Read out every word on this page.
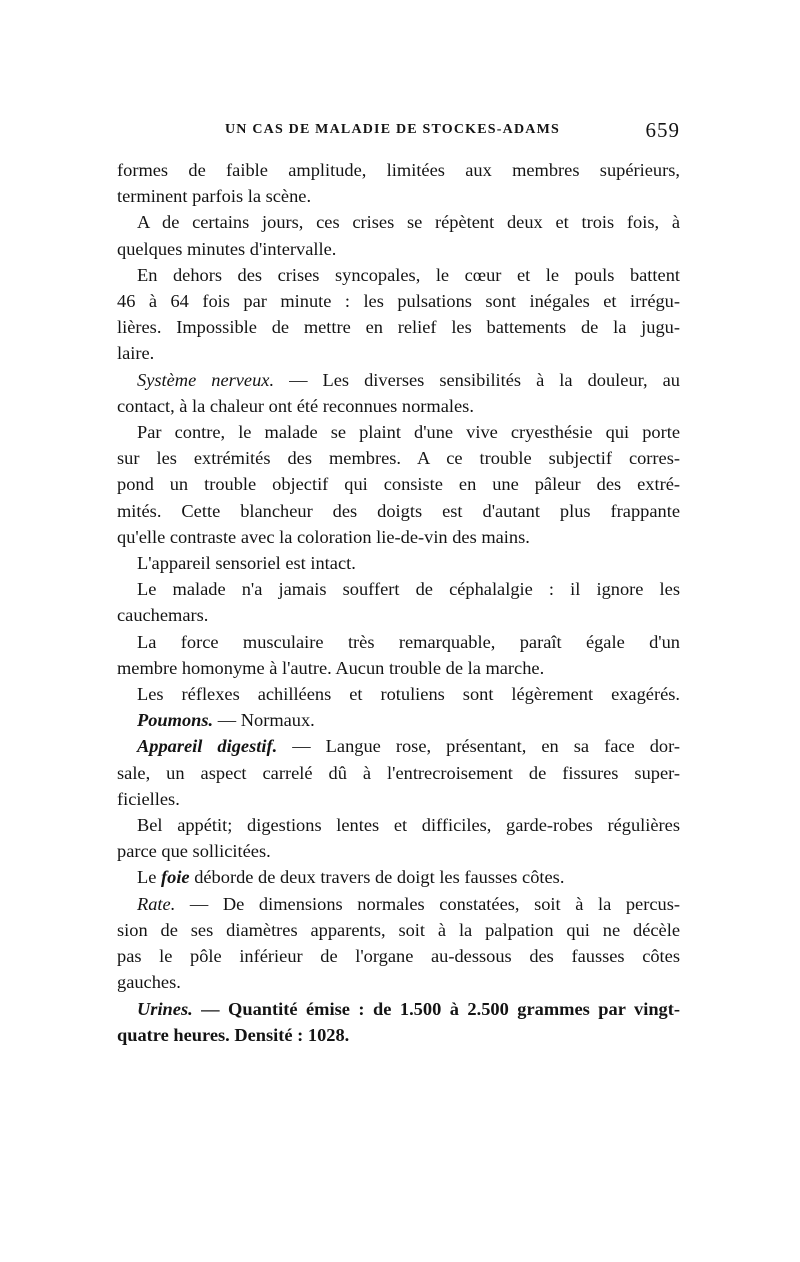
UN CAS DE MALADIE DE STOCKES-ADAMS	659
formes de faible amplitude, limitées aux membres supérieurs,
terminent parfois la scène.
A de certains jours, ces crises se répètent deux et trois fois, à
quelques minutes d'intervalle.
En dehors des crises syncopales, le cœur et le pouls battent
46 à 64 fois par minute : les pulsations sont inégales et irrégu-
lières. Impossible de mettre en relief les battements de la jugu-
laire.
Système nerveux. — Les diverses sensibilités à la douleur, au
contact, à la chaleur ont été reconnues normales.
Par contre, le malade se plaint d'une vive cryesthésie qui porte
sur les extrémités des membres. A ce trouble subjectif corres-
pond un trouble objectif qui consiste en une pâleur des extré-
mités. Cette blancheur des doigts est d'autant plus frappante
qu'elle contraste avec la coloration lie-de-vin des mains.
L'appareil sensoriel est intact.
Le malade n'a jamais souffert de céphalalgie : il ignore les
cauchemars.
La force musculaire très remarquable, paraît égale d'un
membre homonyme à l'autre. Aucun trouble de la marche.
Les réflexes achilléens et rotuliens sont légèrement exagérés.
Poumons. — Normaux.
Appareil digestif. — Langue rose, présentant, en sa face dor-
sale, un aspect carrelé dû à l'entrecroisement de fissures super-
ficielles.
Bel appétit; digestions lentes et difficiles, garde-robes régulières
parce que sollicitées.
Le foie déborde de deux travers de doigt les fausses côtes.
Rate. — De dimensions normales constatées, soit à la percus-
sion de ses diamètres apparents, soit à la palpation qui ne décèle
pas le pôle inférieur de l'organe au-dessous des fausses côtes
gauches.
Urines. — Quantité émise : de 1.500 à 2.500 grammes par vingt-
quatre heures. Densité : 1028.
